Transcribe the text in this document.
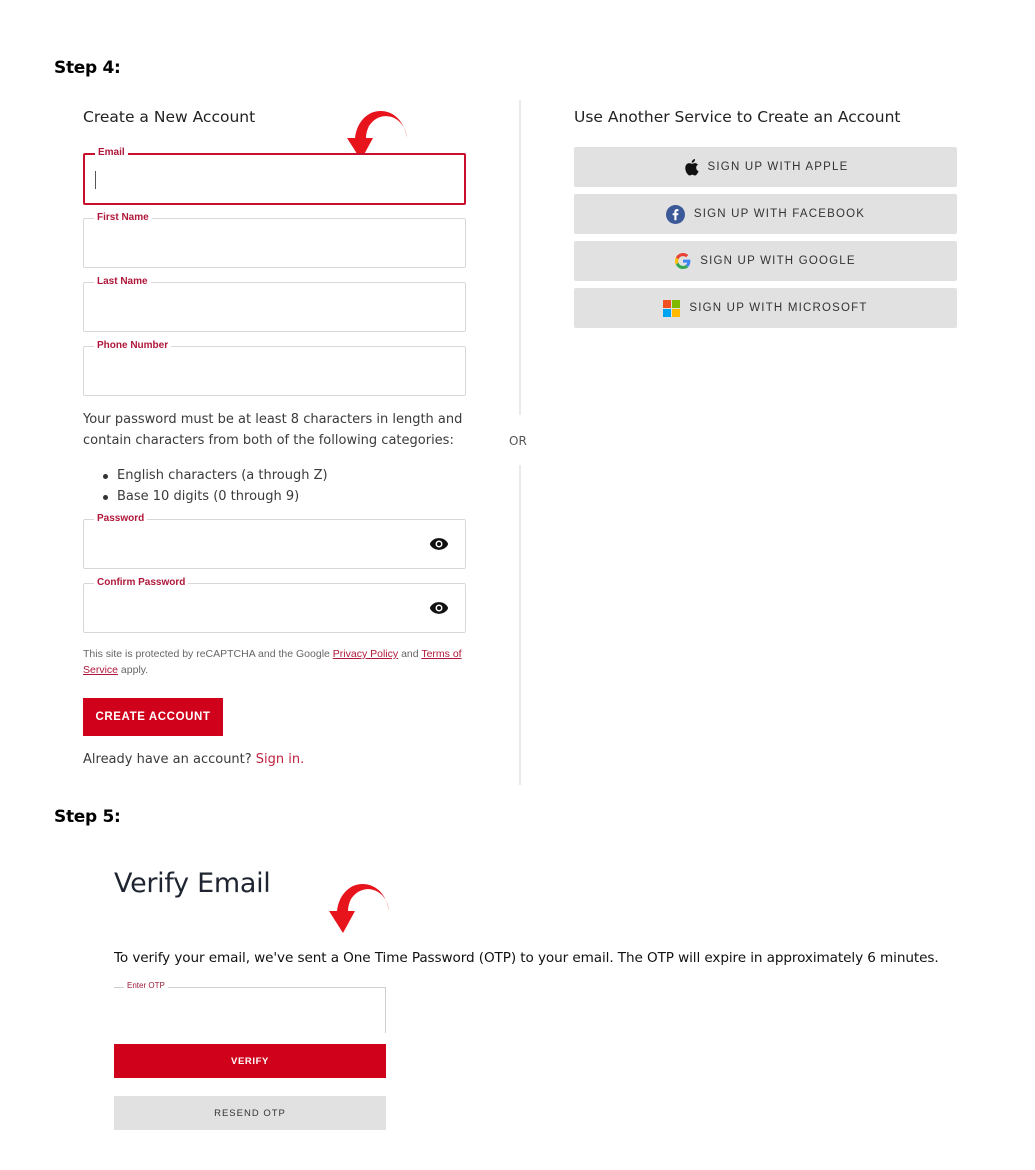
Step 4:
Create a New Account
Email
First Name
Last Name
Phone Number
Your password must be at least 8 characters in length and
contain characters from both of the following categories:
English characters (a through Z)
Base 10 digits (0 through 9)
Password
Confirm Password
This site is protected by reCAPTCHA and the Google Privacy Policy and Terms of Service apply.
CREATE ACCOUNT
Already have an account? Sign in.
OR
Use Another Service to Create an Account
SIGN UP WITH APPLE
SIGN UP WITH FACEBOOK
SIGN UP WITH GOOGLE
SIGN UP WITH MICROSOFT
Step 5:
Verify Email
To verify your email, we've sent a One Time Password (OTP) to your email. The OTP will expire in approximately 6 minutes.
Enter OTP
VERIFY
RESEND OTP
